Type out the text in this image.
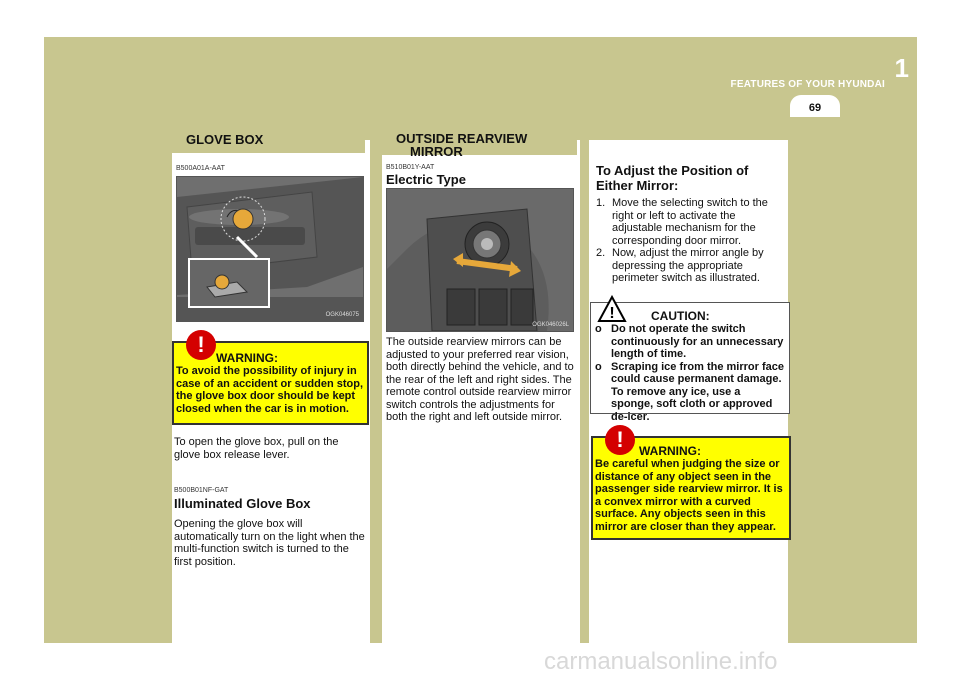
1
FEATURES OF YOUR HYUNDAI
69
GLOVE BOX	OUTSIDE REARVIEW
MIRROR
B500A01A-AAT
OGK046075
WARNING:
To avoid the possibility of injury in case of an accident or sudden stop, the glove box door should be kept closed when the car is in motion.
!
To open the glove box, pull on the glove box release lever.
B500B01NF-GAT
Illuminated Glove Box
Opening the glove box will automatically turn on the light when the multi-function switch is turned to the first position.
B510B01Y-AAT
Electric Type
OGK046026L
The outside rearview mirrors can be adjusted to your preferred rear vision, both directly behind the vehicle, and to the rear of the left and right sides. The remote control outside rearview mirror switch controls the adjustments for both the right and left outside mirror.
To Adjust the Position of Either Mirror:
1. Move the selecting switch to the right or left to activate the adjustable mechanism for the corresponding door mirror.
2. Now, adjust the mirror angle by depressing the appropriate perimeter switch as illustrated.
!	CAUTION:
o Do not operate the switch continuously for an unnecessary length of time.
o Scraping ice from the mirror face could cause permanent damage. To remove any ice, use a sponge, soft cloth or approved de-icer.
WARNING:
Be careful when judging the size or distance of any object seen in the passenger side rearview mirror. It is a convex mirror with a curved surface. Any objects seen in this mirror are closer than they appear.
!
carmanualsonline.info
